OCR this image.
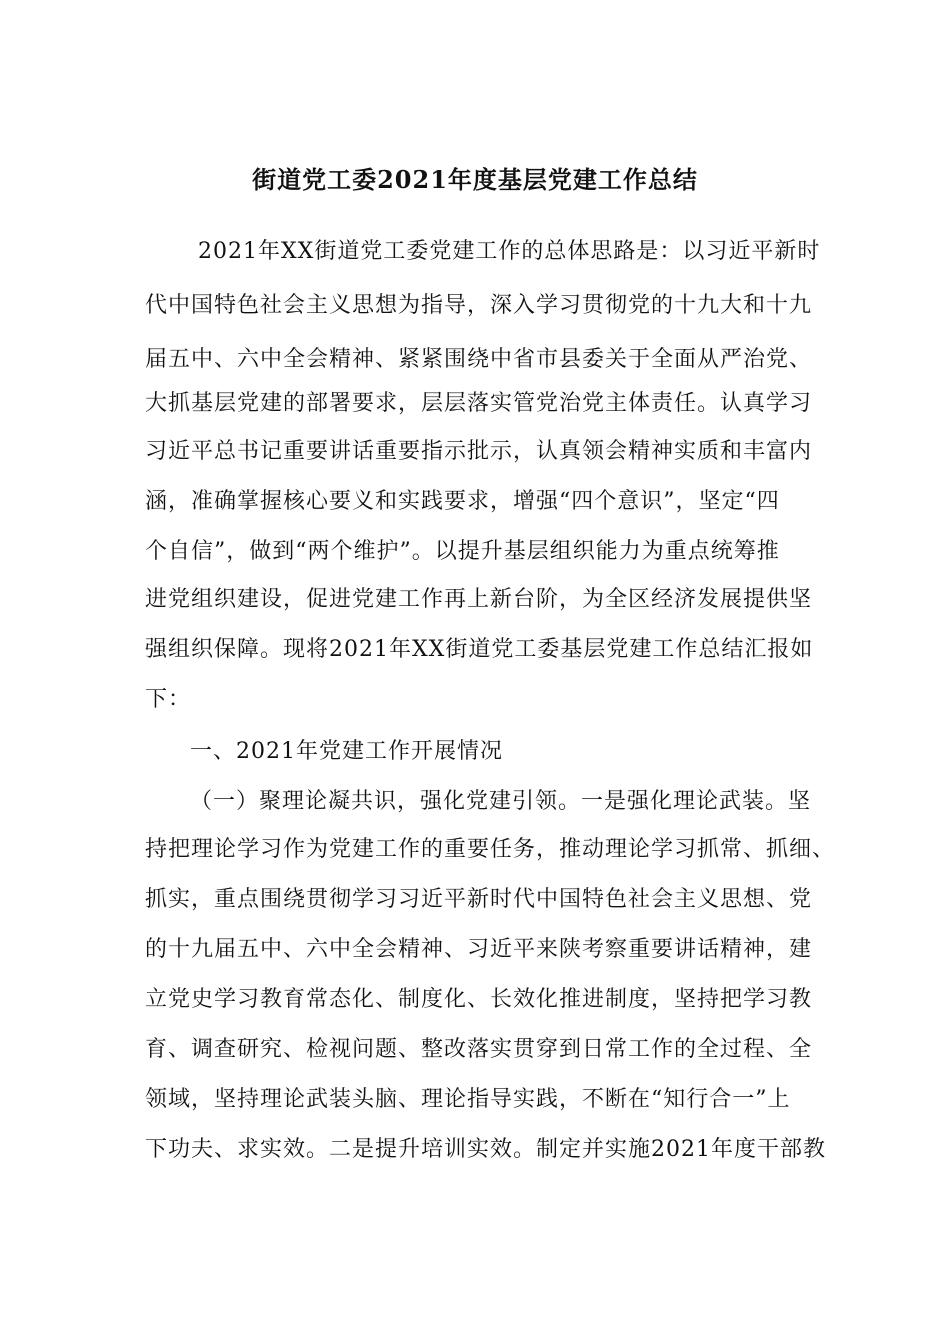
街道党工委2021年度基层党建工作总结
2021年XX街道党工委党建工作的总体思路是：以习近平新时
代中国特色社会主义思想为指导，深入学习贯彻党的十九大和十九
届五中、六中全会精神、紧紧围绕中省市县委关于全面从严治党、
大抓基层党建的部署要求，层层落实管党治党主体责任。认真学习
习近平总书记重要讲话重要指示批示，认真领会精神实质和丰富内
涵，准确掌握核心要义和实践要求，增强“四个意识”，坚定“四
个自信”，做到“两个维护”。以提升基层组织能力为重点统筹推
进党组织建设，促进党建工作再上新台阶，为全区经济发展提供坚
强组织保障。现将2021年XX街道党工委基层党建工作总结汇报如
下：
一、2021年党建工作开展情况
（一）聚理论凝共识，强化党建引领。一是强化理论武装。坚
持把理论学习作为党建工作的重要任务，推动理论学习抓常、抓细、
抓实，重点围绕贯彻学习习近平新时代中国特色社会主义思想、党
的十九届五中、六中全会精神、习近平来陕考察重要讲话精神，建
立党史学习教育常态化、制度化、长效化推进制度，坚持把学习教
育、调查研究、检视问题、整改落实贯穿到日常工作的全过程、全
领域，坚持理论武装头脑、理论指导实践，不断在“知行合一”上
下功夫、求实效。二是提升培训实效。制定并实施2021年度干部教
